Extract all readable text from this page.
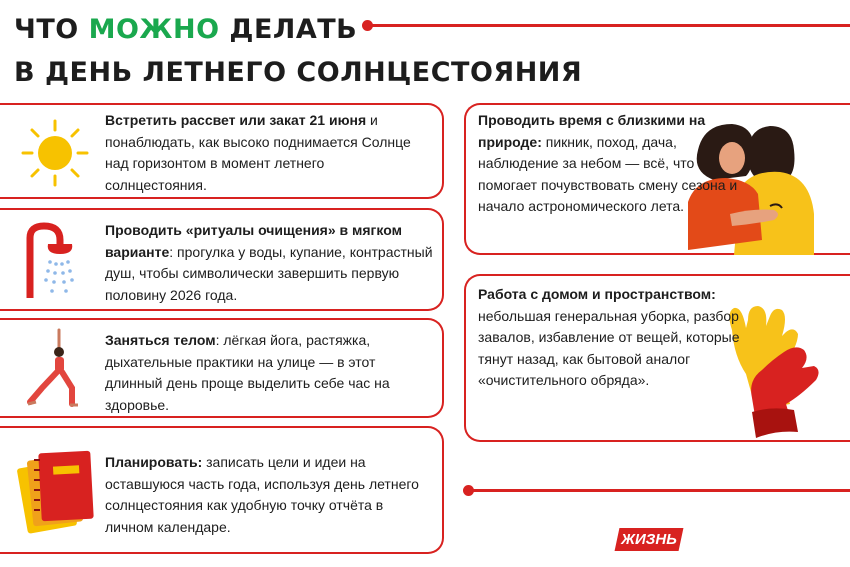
ЧТО МОЖНО ДЕЛАТЬ
В ДЕНЬ ЛЕТНЕГО СОЛНЦЕСТОЯНИЯ
Встретить рассвет или закат 21 июня и понаблюдать, как высоко поднимается Солнце над горизонтом в момент летнего солнцестояния.
Проводить «ритуалы очищения» в мягком варианте: прогулка у воды, купание, контрастный душ, чтобы символически завершить первую половину 2026 года.
Заняться телом: лёгкая йога, растяжка, дыхательные практики на улице — в этот длинный день проще выделить себе час на здоровье.
Планировать: записать цели и идеи на оставшуюся часть года, используя день летнего солнцестояния как удобную точку отчёта в личном календаре.
Проводить время с близкими на природе: пикник, поход, дача, наблюдение за небом — всё, что помогает почувствовать смену сезона и начало астрономического лета.
Работа с домом и пространством: небольшая генеральная уборка, разбор завалов, избавление от вещей, которые тянут назад, как бытовой аналог «очистительного обряда».
ЖИЗНЬ
